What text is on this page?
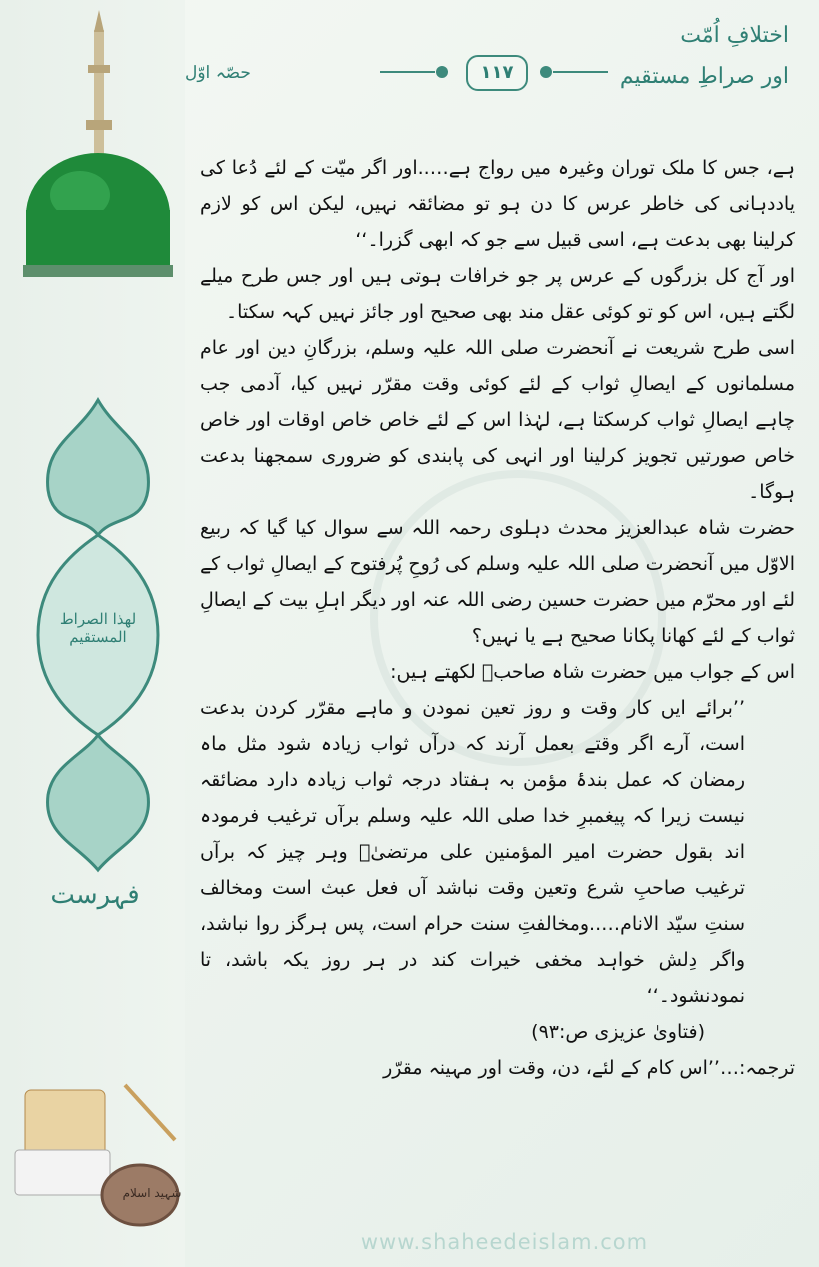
لھذا الصراط المستقیم
فہرست
شہید اسلام
اختلافِ اُمّت
اور صراطِ مستقیم
حصّہ اوّل	۱۱۷

ہے، جس کا ملک توران وغیرہ میں رواج ہے…..اور اگر میّت کے لئے دُعا کی یاددہانی کی خاطر عرس کا دن ہو تو مضائقہ نہیں، لیکن اس کو لازم کرلینا بھی بدعت ہے، اسی قبیل سے جو کہ ابھی گزرا۔‘‘

اور آج کل بزرگوں کے عرس پر جو خرافات ہوتی ہیں اور جس طرح میلے لگتے ہیں، اس کو تو کوئی عقل مند بھی صحیح اور جائز نہیں کہہ سکتا۔

اسی طرح شریعت نے آنحضرت صلی اللہ علیہ وسلم، بزرگانِ دین اور عام مسلمانوں کے ایصالِ ثواب کے لئے کوئی وقت مقرّر نہیں کیا، آدمی جب چاہے ایصالِ ثواب کرسکتا ہے، لہٰذا اس کے لئے خاص خاص اوقات اور خاص خاص صورتیں تجویز کرلینا اور انہی کی پابندی کو ضروری سمجھنا بدعت ہوگا۔

حضرت شاہ عبدالعزیز محدث دہلوی رحمہ اللہ سے سوال کیا گیا کہ ربیع الاوّل میں آنحضرت صلی اللہ علیہ وسلم کی رُوحِ پُرفتوح کے ایصالِ ثواب کے لئے اور محرّم میں حضرت حسین رضی اللہ عنہ اور دیگر اہلِ بیت کے ایصالِ ثواب کے لئے کھانا پکانا صحیح ہے یا نہیں؟

اس کے جواب میں حضرت شاہ صاحبؒ لکھتے ہیں:

’’برائے ایں کار وقت و روز تعین نمودن و ماہے مقرّر کردن بدعت است، آرے اگر وقتے بعمل آرند کہ درآں ثواب زیادہ شود مثل ماہ رمضان کہ عمل بندۂ مؤمن بہ ہفتاد درجہ ثواب زیادہ دارد مضائقہ نیست زیرا کہ پیغمبرِ خدا صلی اللہ علیہ وسلم برآں ترغیب فرمودہ اند بقول حضرت امیر المؤمنین علی مرتضیٰؓ وہر چیز کہ برآں ترغیب صاحبِ شرع وتعین وقت نباشد آں فعل عبث است ومخالف سنتِ سیّد الانام…..ومخالفتِ سنت حرام است، پس ہرگز روا نباشد، واگر دِلش خواہد مخفی خیرات کند در ہر روز یکہ باشد، تا نمودنشود۔‘‘

(فتاویٰ عزیزی ص:۹۳)

ترجمہ:…’’اس کام کے لئے، دن، وقت اور مہینہ مقرّر

www.shaheedeislam.com
